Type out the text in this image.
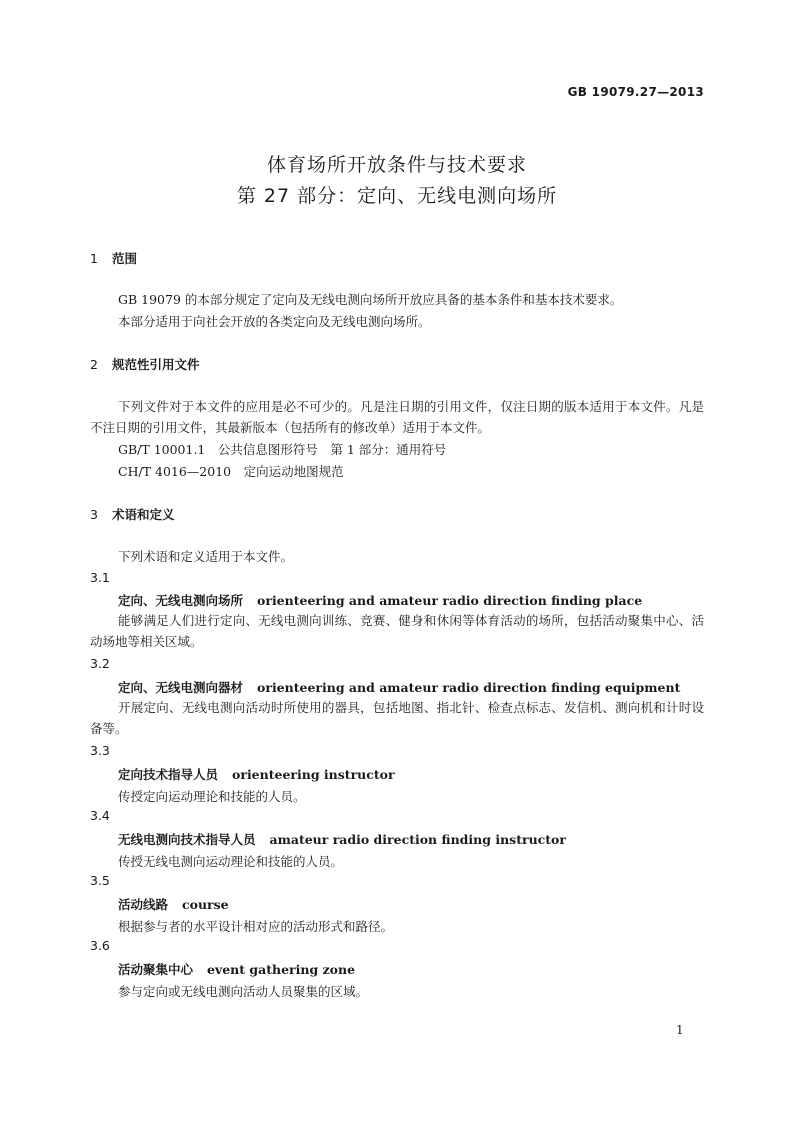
GB 19079.27—2013
体育场所开放条件与技术要求
第 27 部分：定向、无线电测向场所
1 范围
GB 19079 的本部分规定了定向及无线电测向场所开放应具备的基本条件和基本技术要求。
本部分适用于向社会开放的各类定向及无线电测向场所。
2 规范性引用文件
下列文件对于本文件的应用是必不可少的。凡是注日期的引用文件，仅注日期的版本适用于本文件。凡是不注日期的引用文件，其最新版本（包括所有的修改单）适用于本文件。
GB/T 10001.1　公共信息图形符号　第 1 部分：通用符号
CH/T 4016—2010　定向运动地图规范
3 术语和定义
下列术语和定义适用于本文件。
3.1
定向、无线电测向场所 orienteering and amateur radio direction finding place
能够满足人们进行定向、无线电测向训练、竞赛、健身和休闲等体育活动的场所，包括活动聚集中心、活动场地等相关区域。
3.2
定向、无线电测向器材 orienteering and amateur radio direction finding equipment
开展定向、无线电测向活动时所使用的器具，包括地图、指北针、检查点标志、发信机、测向机和计时设备等。
3.3
定向技术指导人员 orienteering instructor
传授定向运动理论和技能的人员。
3.4
无线电测向技术指导人员 amateur radio direction finding instructor
传授无线电测向运动理论和技能的人员。
3.5
活动线路 course
根据参与者的水平设计相对应的活动形式和路径。
3.6
活动聚集中心 event gathering zone
参与定向或无线电测向活动人员聚集的区域。
1
